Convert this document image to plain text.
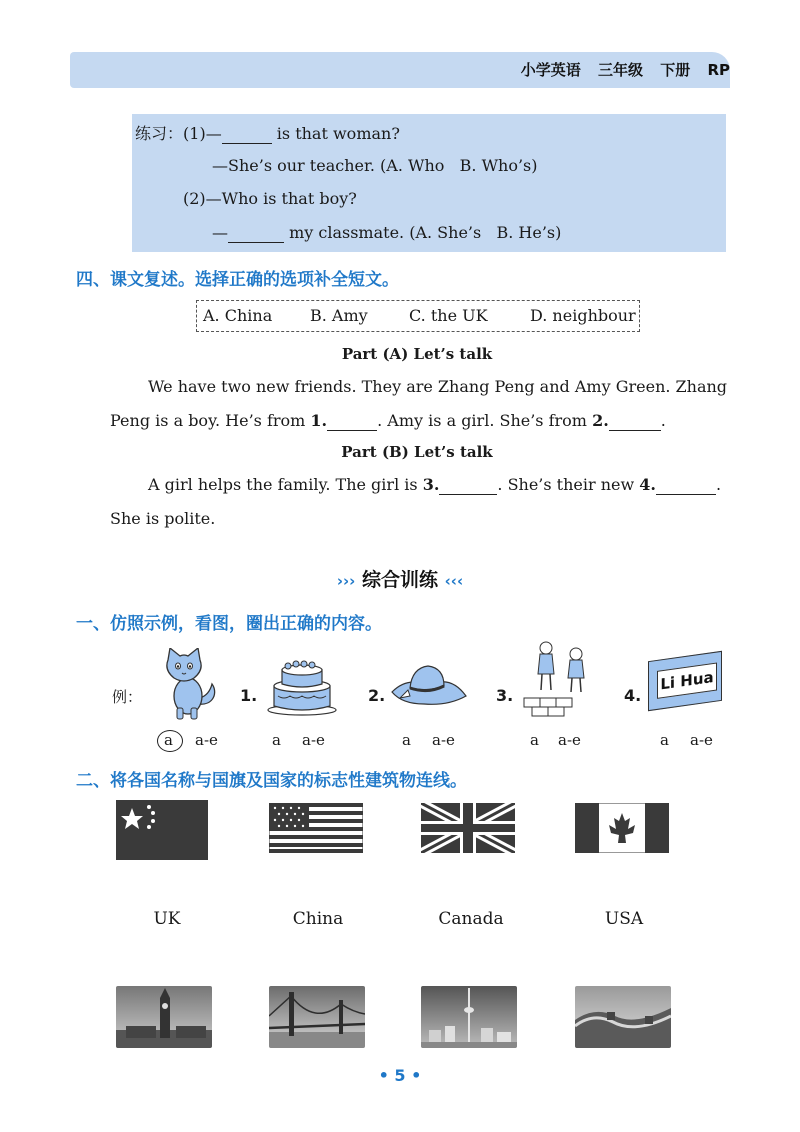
小学英语 三年级 下册 RP
练习：(1)—	is that woman?
—She’s our teacher. (A. Who   B. Who’s)
(2)—Who is that boy?
—	my classmate. (A. She’s   B. He’s)
四、课文复述。选择正确的选项补全短文。
A. China B. Amy	C. the UK	D. neighbour
Part (A) Let’s talk
We have two new friends. They are Zhang Peng and Amy Green. Zhang
Peng is a boy. He’s from 1.	. Amy is a girl. She’s from 2.	.
Part (B) Let’s talk
A girl helps the family. The girl is 3.	. She’s their new 4.	.
She is polite.
››› 综合训练 ‹‹‹
一、仿照示例，看图，圈出正确的内容。
例：	1.	2.	3.	4.
Li Hua
a a-e	a a-e	a a-e	a a-e	a a-e
二、将各国名称与国旗及国家的标志性建筑物连线。
UK	China	Canada	USA
• 5 •
